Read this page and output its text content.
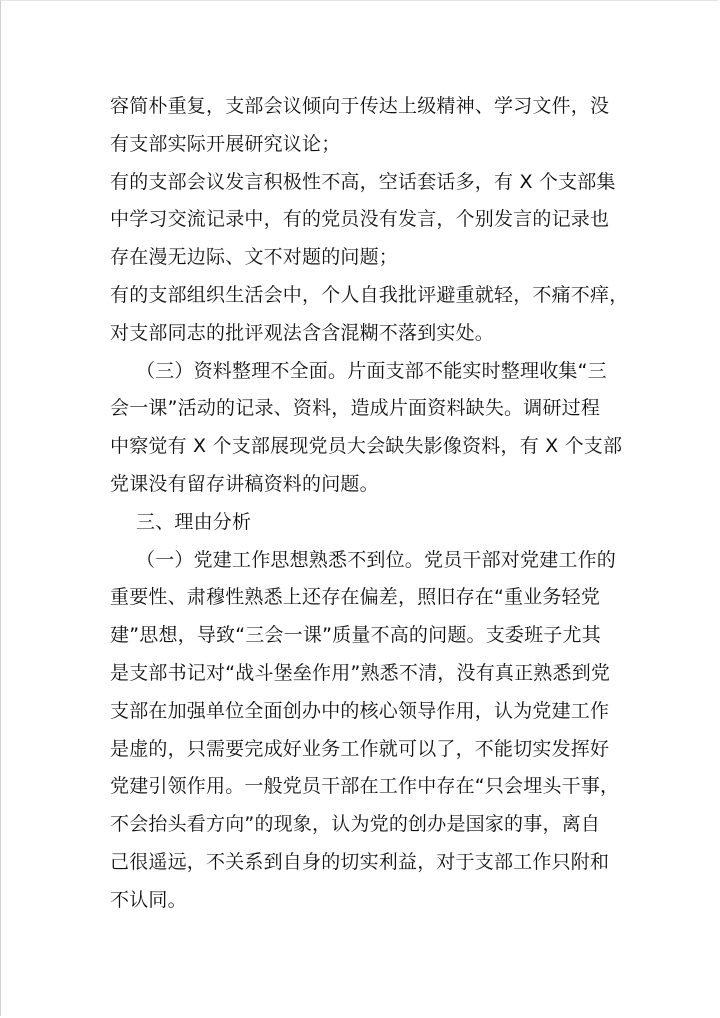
容简朴重复，支部会议倾向于传达上级精神、学习文件，没
有支部实际开展研究议论；
有的支部会议发言积极性不高，空话套话多，有 X 个支部集
中学习交流记录中，有的党员没有发言，个别发言的记录也
存在漫无边际、文不对题的问题；
有的支部组织生活会中，个人自我批评避重就轻，不痛不痒，
对支部同志的批评观法含含混糊不落到实处。
（三）资料整理不全面。片面支部不能实时整理收集“三
会一课”活动的记录、资料，造成片面资料缺失。调研过程
中察觉有 X 个支部展现党员大会缺失影像资料，有 X 个支部
党课没有留存讲稿资料的问题。
三、理由分析
（一）党建工作思想熟悉不到位。党员干部对党建工作的
重要性、肃穆性熟悉上还存在偏差，照旧存在“重业务轻党
建”思想，导致“三会一课”质量不高的问题。支委班子尤其
是支部书记对“战斗堡垒作用”熟悉不清，没有真正熟悉到党
支部在加强单位全面创办中的核心领导作用，认为党建工作
是虚的，只需要完成好业务工作就可以了，不能切实发挥好
党建引领作用。一般党员干部在工作中存在“只会埋头干事，
不会抬头看方向”的现象，认为党的创办是国家的事，离自
己很遥远，不关系到自身的切实利益，对于支部工作只附和
不认同。
